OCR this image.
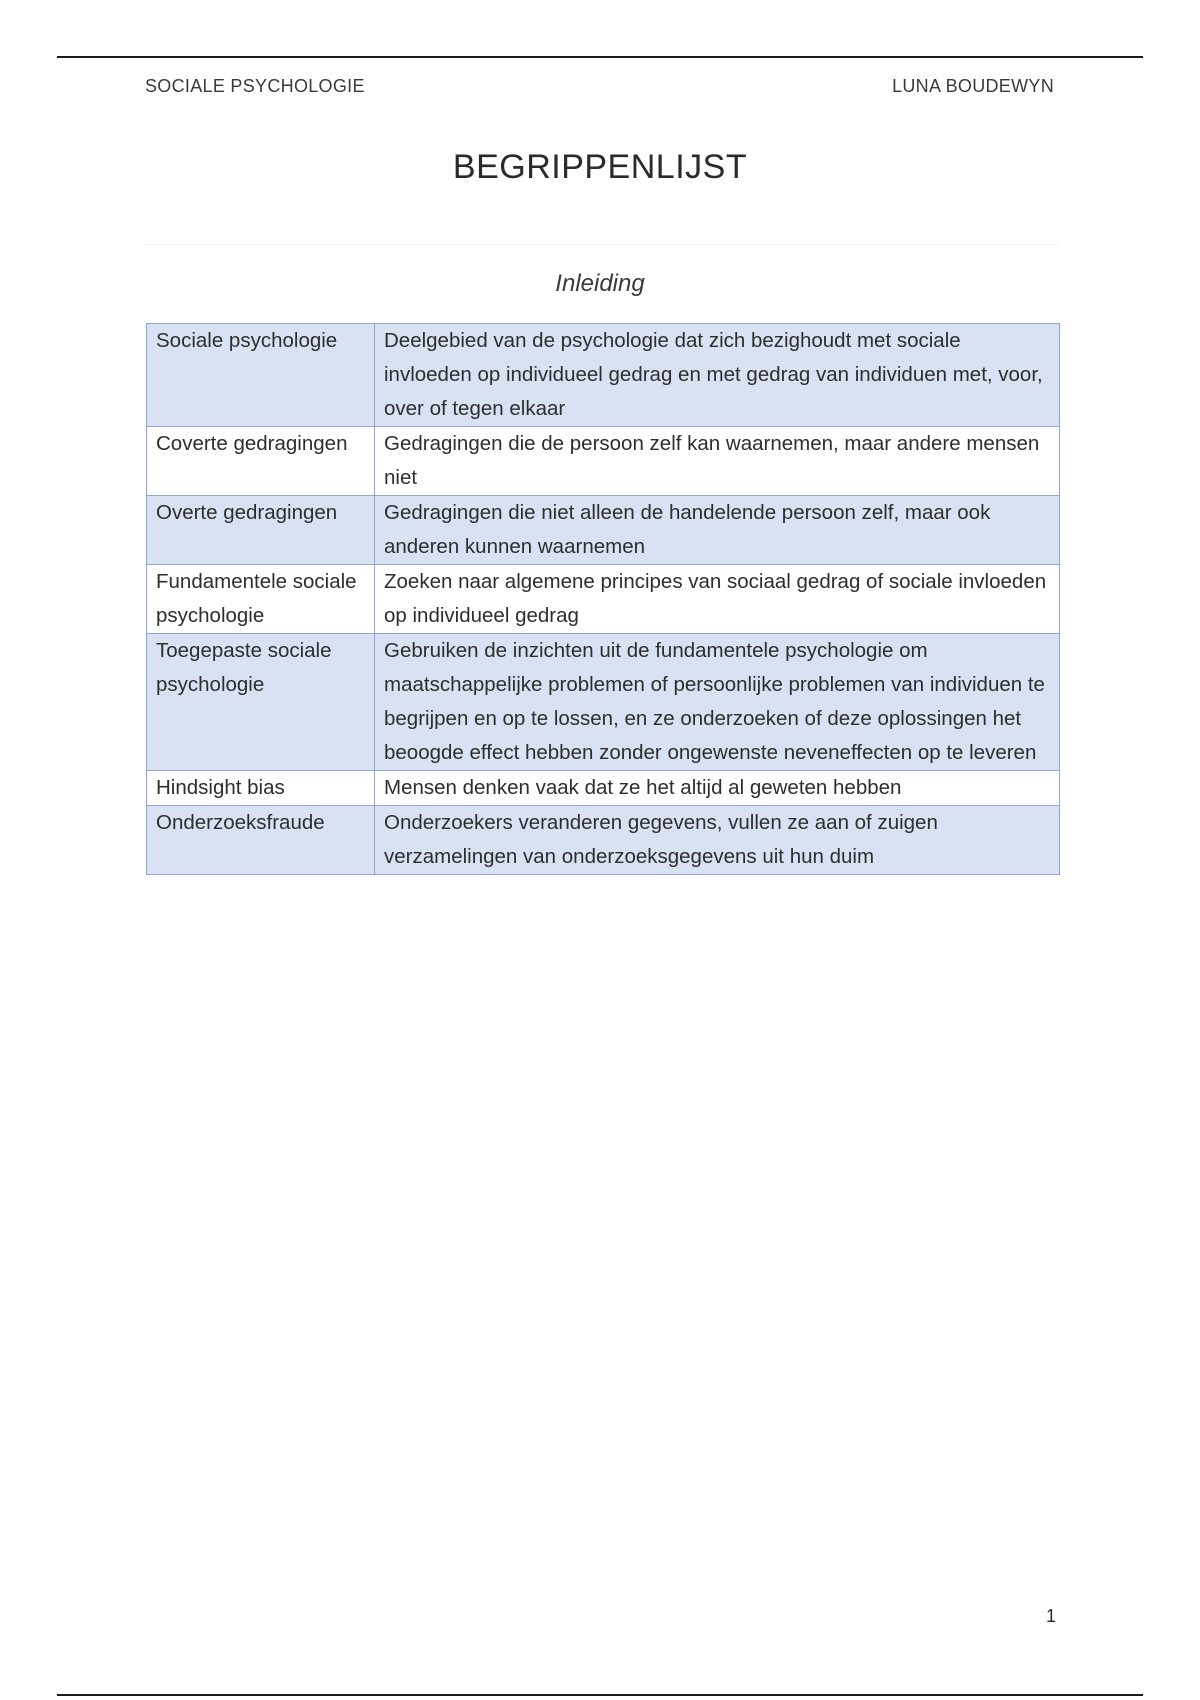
SOCIALE PSYCHOLOGIE	LUNA BOUDEWYN
BEGRIPPENLIJST
Inleiding
Sociale psychologie	Deelgebied van de psychologie dat zich bezighoudt met sociale invloeden op individueel gedrag en met gedrag van individuen met, voor, over of tegen elkaar
Coverte gedragingen	Gedragingen die de persoon zelf kan waarnemen, maar andere mensen niet
Overte gedragingen	Gedragingen die niet alleen de handelende persoon zelf, maar ook anderen kunnen waarnemen
Fundamentele sociale psychologie	Zoeken naar algemene principes van sociaal gedrag of sociale invloeden op individueel gedrag
Toegepaste sociale psychologie	Gebruiken de inzichten uit de fundamentele psychologie om maatschappelijke problemen of persoonlijke problemen van individuen te begrijpen en op te lossen, en ze onderzoeken of deze oplossingen het beoogde effect hebben zonder ongewenste neveneffecten op te leveren
Hindsight bias	Mensen denken vaak dat ze het altijd al geweten hebben
Onderzoeksfraude	Onderzoekers veranderen gegevens, vullen ze aan of zuigen verzamelingen van onderzoeksgegevens uit hun duim
1
